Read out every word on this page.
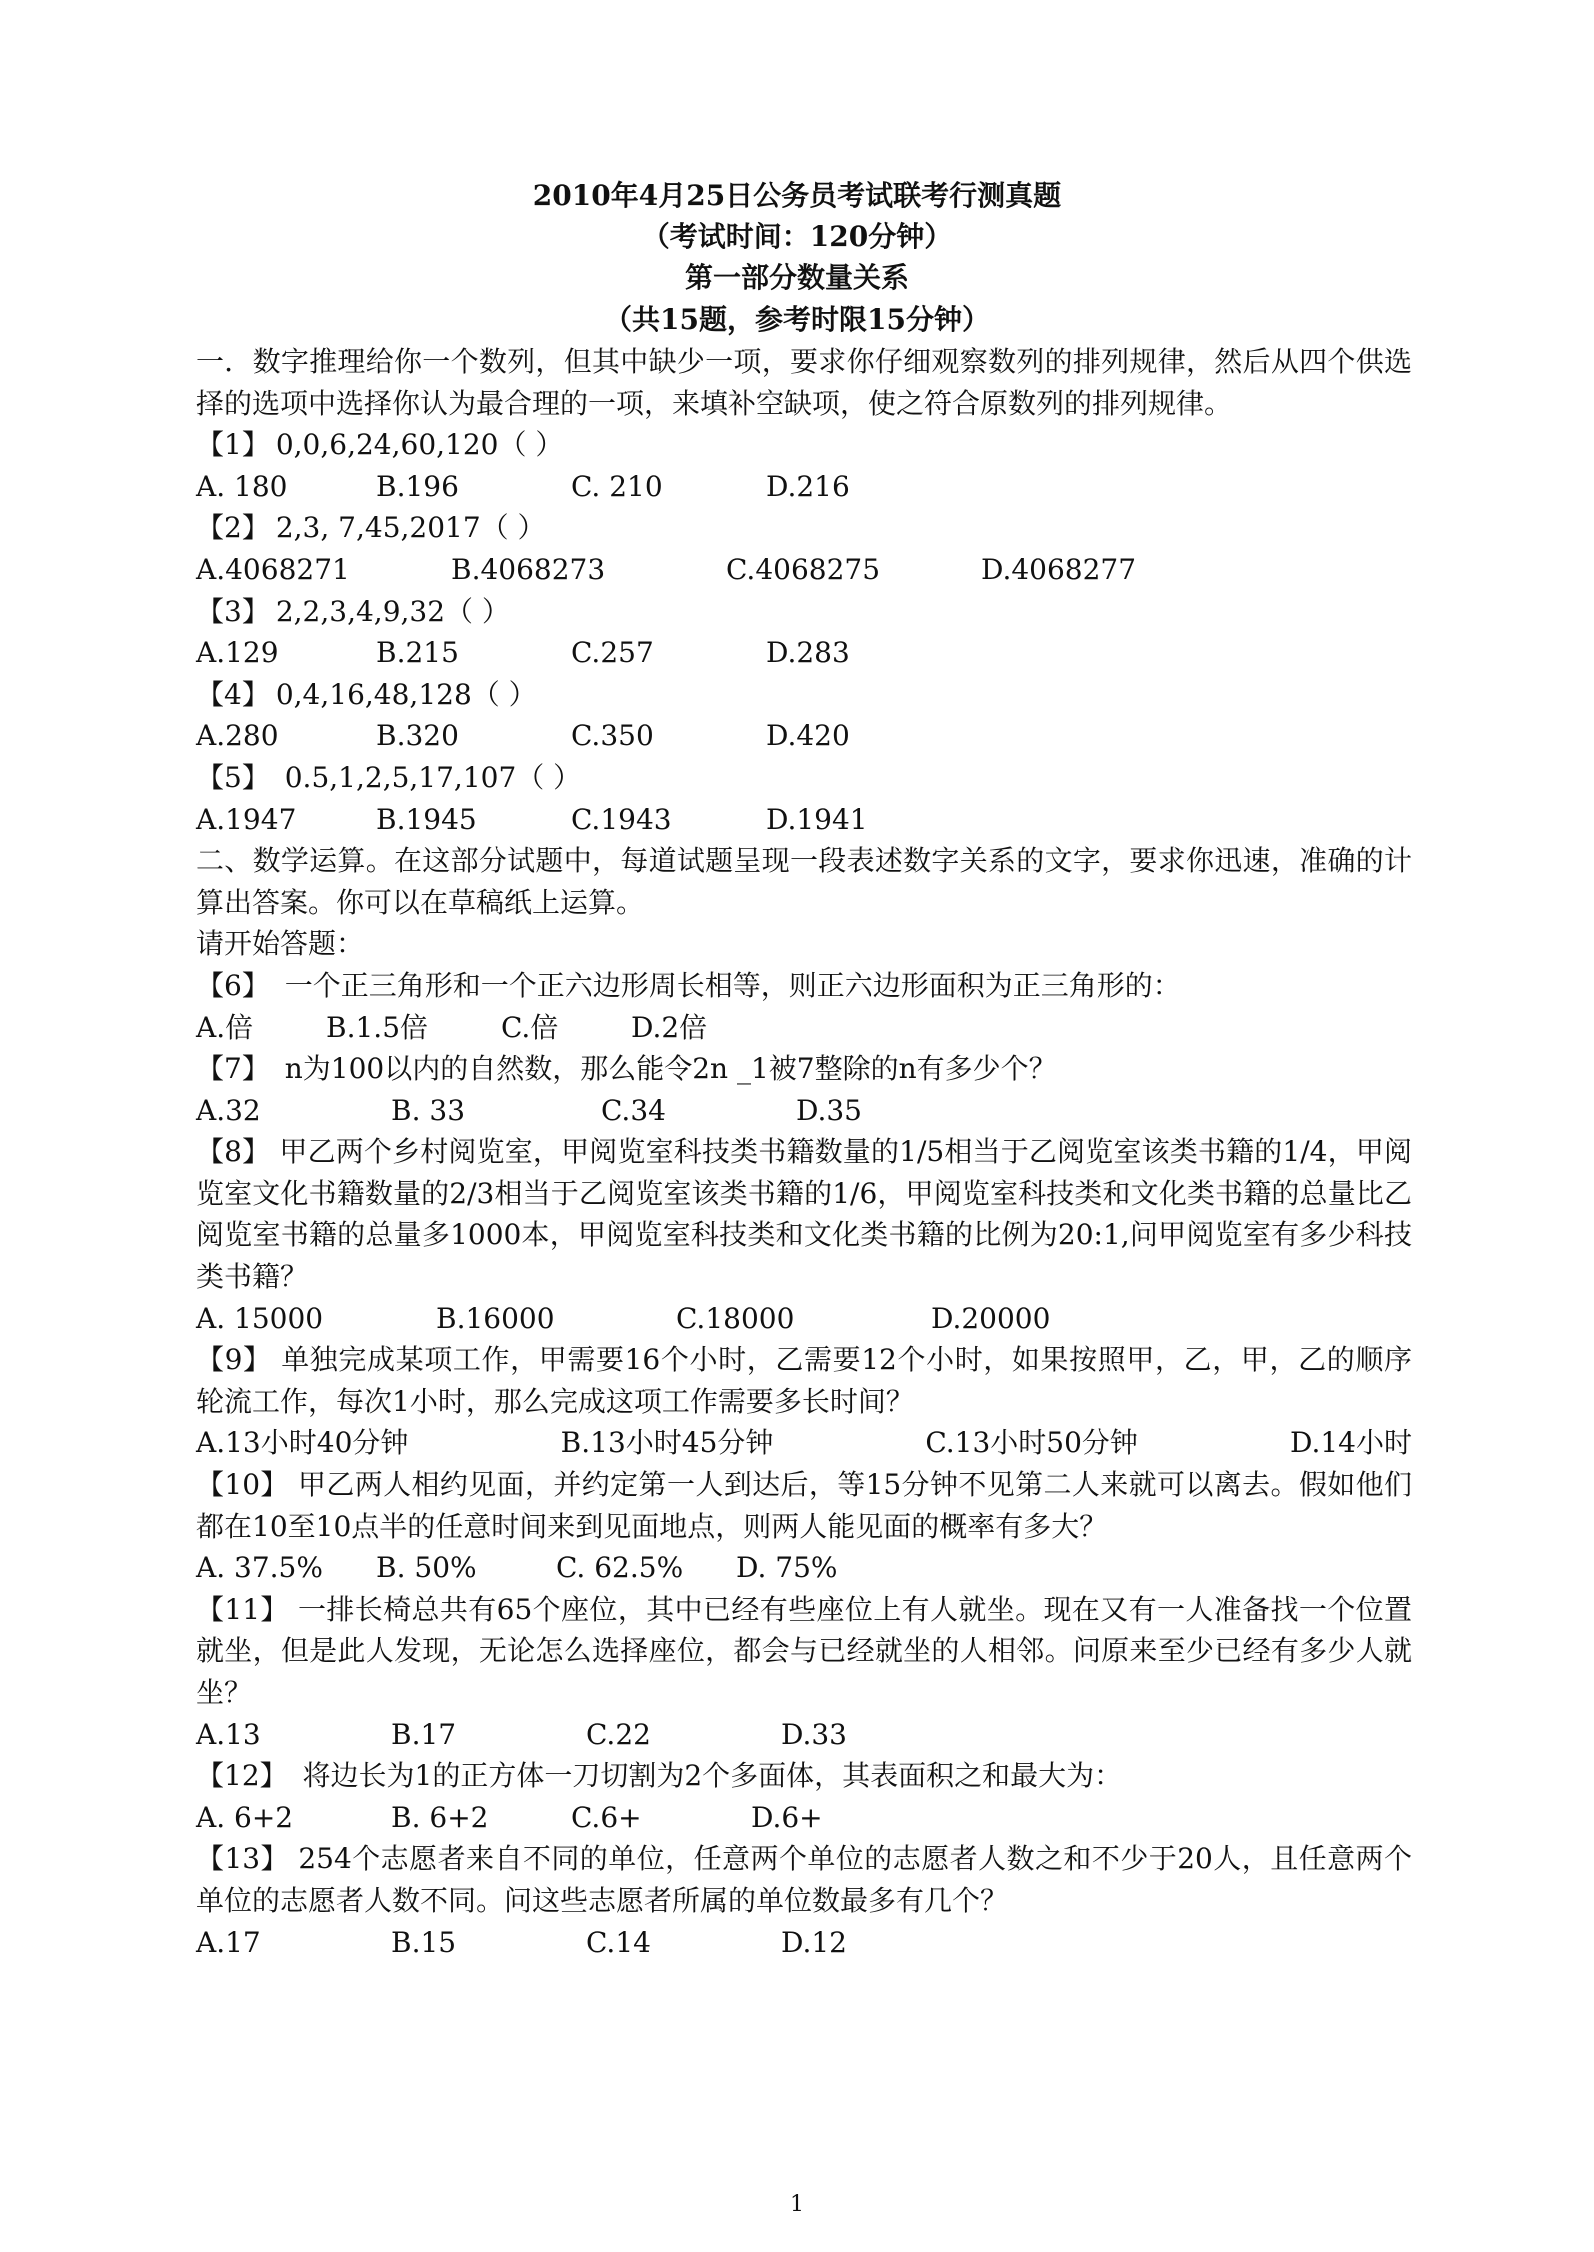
2010年4月25日公务员考试联考行测真题
（考试时间：120分钟）
第一部分数量关系
（共15题，参考时限15分钟）

一．数字推理给你一个数列，但其中缺少一项，要求你仔细观察数列的排列规律，然后从四个供选择的选项中选择你认为最合理的一项，来填补空缺项，使之符合原数列的排列规律。

【1】 0,0,6,24,60,120（ ）

A. 180	B.196	C. 210	D.216

【2】 2,3, 7,45,2017（ ）

A.4068271	B.4068273	C.4068275	D.4068277

【3】 2,2,3,4,9,32（ ）

A.129	B.215	C.257	D.283

【4】 0,4,16,48,128（ ）

A.280	B.320	C.350	D.420

【5】 0.5,1,2,5,17,107（ ）

A.1947	B.1945	C.1943	D.1941

二、数学运算。在这部分试题中，每道试题呈现一段表述数字关系的文字，要求你迅速，准确的计算出答案。你可以在草稿纸上运算。

请开始答题：

【6】 一个正三角形和一个正六边形周长相等，则正六边形面积为正三角形的：

A.倍	B.1.5倍	C.倍	D.2倍

【7】 n为100以内的自然数，那么能令2n _1被7整除的n有多少个？

A.32	B. 33	C.34	D.35

【8】 甲乙两个乡村阅览室，甲阅览室科技类书籍数量的1/5相当于乙阅览室该类书籍的1/4，甲阅览室文化书籍数量的2/3相当于乙阅览室该类书籍的1/6，甲阅览室科技类和文化类书籍的总量比乙阅览室书籍的总量多1000本，甲阅览室科技类和文化类书籍的比例为20:1,问甲阅览室有多少科技类书籍？

A. 15000	B.16000	C.18000	D.20000

【9】 单独完成某项工作，甲需要16个小时，乙需要12个小时，如果按照甲，乙，甲，乙的顺序轮流工作，每次1小时，那么完成这项工作需要多长时间？

A.13小时40分钟	B.13小时45分钟	C.13小时50分钟	D.14小时

【10】 甲乙两人相约见面，并约定第一人到达后，等15分钟不见第二人来就可以离去。假如他们都在10至10点半的任意时间来到见面地点，则两人能见面的概率有多大？

A. 37.5%	B. 50%	C. 62.5%	D. 75%

【11】 一排长椅总共有65个座位，其中已经有些座位上有人就坐。现在又有一人准备找一个位置就坐，但是此人发现，无论怎么选择座位，都会与已经就坐的人相邻。问原来至少已经有多少人就坐？

A.13	B.17	C.22	D.33

【12】 将边长为1的正方体一刀切割为2个多面体，其表面积之和最大为：

A. 6+2	B. 6+2	C.6+	D.6+

【13】 254个志愿者来自不同的单位，任意两个单位的志愿者人数之和不少于20人，且任意两个单位的志愿者人数不同。问这些志愿者所属的单位数最多有几个？

A.17	B.15	C.14	D.12
1
